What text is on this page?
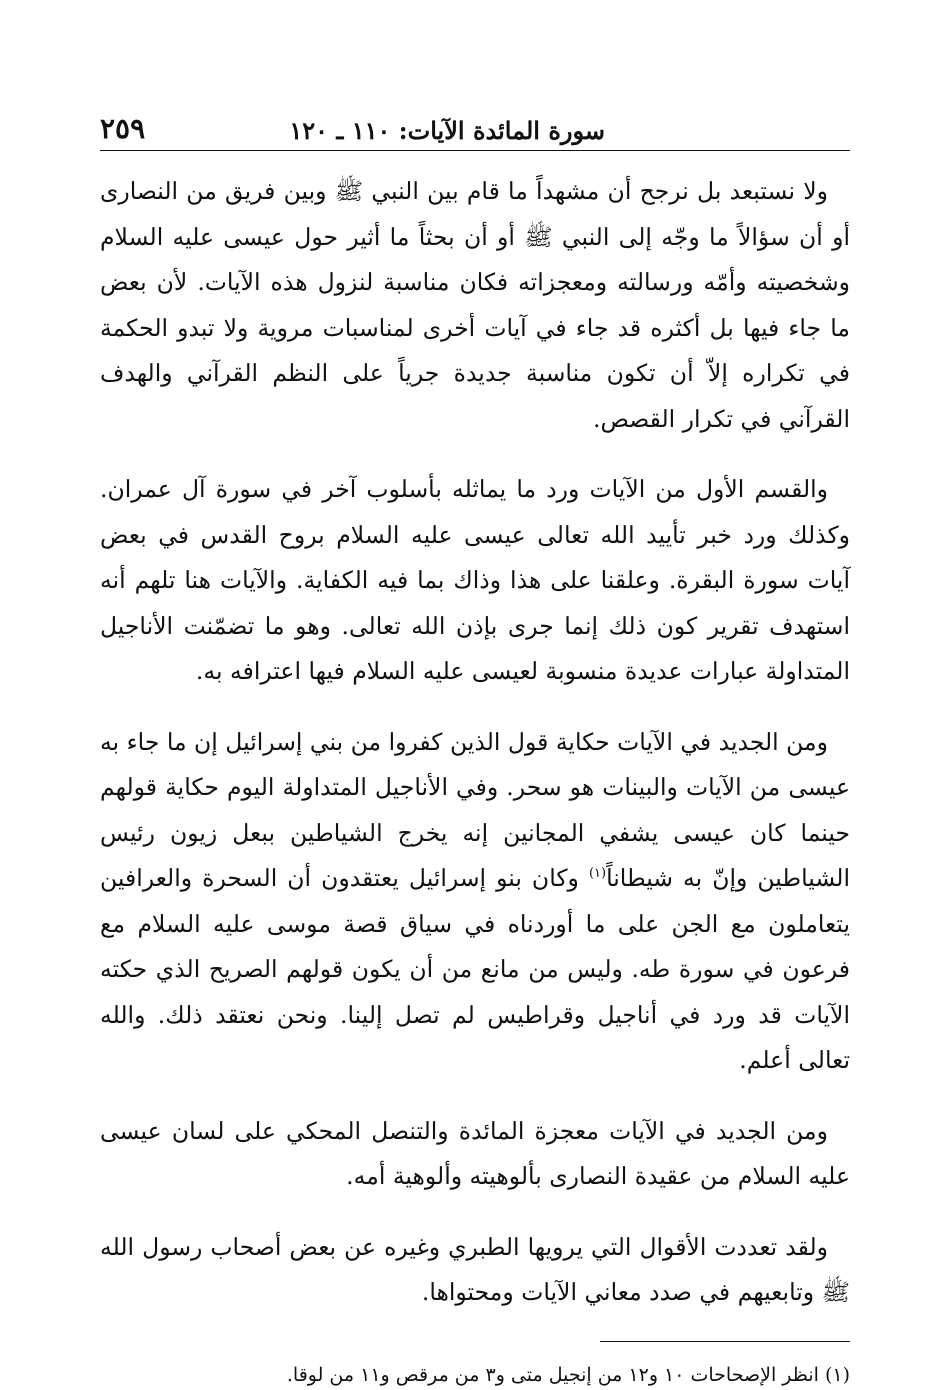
سورة المائدة الآيات: ١١٠ ـ ١٢٠
٢٥٩

ولا نستبعد بل نرجح أن مشهداً ما قام بين النبي ﷺ وبين فريق من النصارى أو أن سؤالاً ما وجّه إلى النبي ﷺ أو أن بحثاً ما أثير حول عيسى عليه السلام وشخصيته وأمّه ورسالته ومعجزاته فكان مناسبة لنزول هذه الآيات. لأن بعض ما جاء فيها بل أكثره قد جاء في آيات أخرى لمناسبات مروية ولا تبدو الحكمة في تكراره إلاّ أن تكون مناسبة جديدة جرياً على النظم القرآني والهدف القرآني في تكرار القصص.

والقسم الأول من الآيات ورد ما يماثله بأسلوب آخر في سورة آل عمران. وكذلك ورد خبر تأييد الله تعالى عيسى عليه السلام بروح القدس في بعض آيات سورة البقرة. وعلقنا على هذا وذاك بما فيه الكفاية. والآيات هنا تلهم أنه استهدف تقرير كون ذلك إنما جرى بإذن الله تعالى. وهو ما تضمّنت الأناجيل المتداولة عبارات عديدة منسوبة لعيسى عليه السلام فيها اعترافه به.

ومن الجديد في الآيات حكاية قول الذين كفروا من بني إسرائيل إن ما جاء به عيسى من الآيات والبينات هو سحر. وفي الأناجيل المتداولة اليوم حكاية قولهم حينما كان عيسى يشفي المجانين إنه يخرج الشياطين ببعل زيون رئيس الشياطين وإنّ به شيطاناً$^{(١)}$ وكان بنو إسرائيل يعتقدون أن السحرة والعرافين يتعاملون مع الجن على ما أوردناه في سياق قصة موسى عليه السلام مع فرعون في سورة طه. وليس من مانع من أن يكون قولهم الصريح الذي حكته الآيات قد ورد في أناجيل وقراطيس لم تصل إلينا. ونحن نعتقد ذلك. والله تعالى أعلم.

ومن الجديد في الآيات معجزة المائدة والتنصل المحكي على لسان عيسى عليه السلام من عقيدة النصارى بألوهيته وألوهية أمه.

ولقد تعددت الأقوال التي يرويها الطبري وغيره عن بعض أصحاب رسول الله ﷺ وتابعيهم في صدد معاني الآيات ومحتواها.

(١) انظر الإصحاحات ١٠ و١٢ من إنجيل متى و٣ من مرقص و١١ من لوقا.
